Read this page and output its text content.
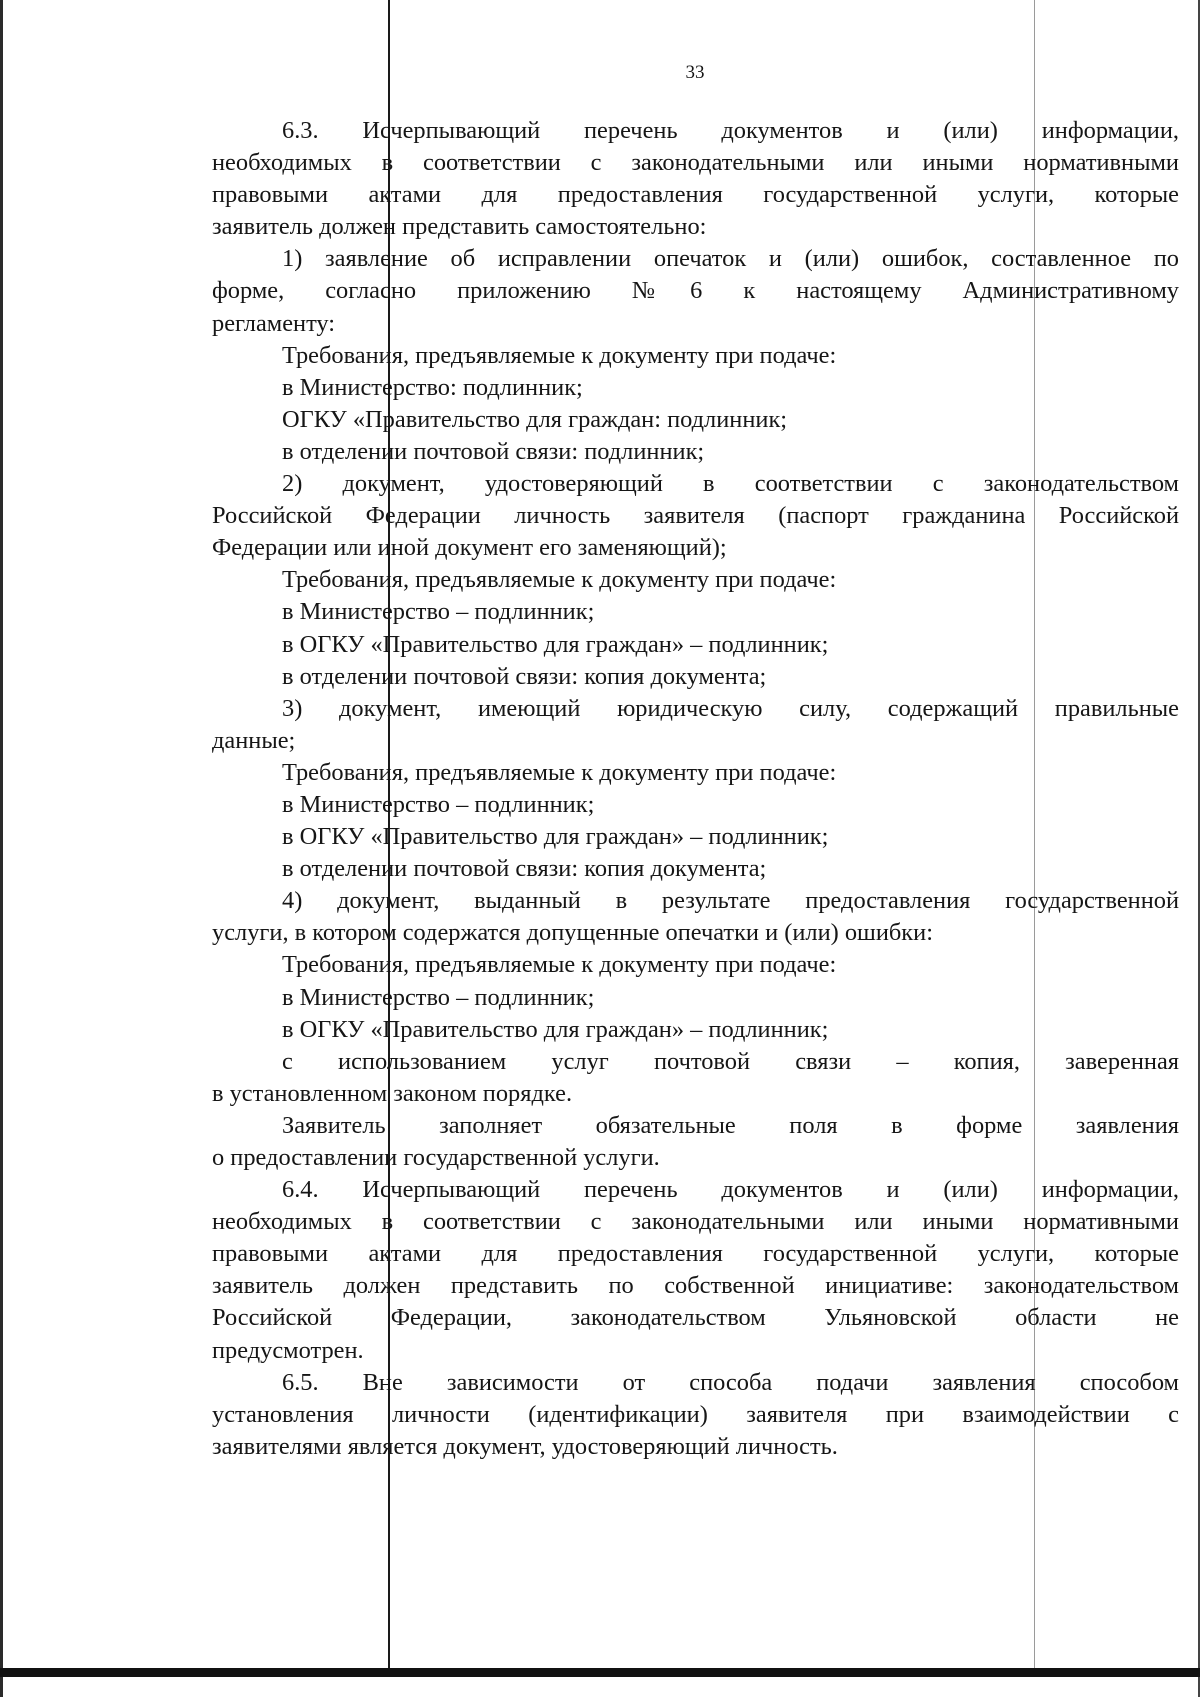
33

6.3. Исчерпывающий перечень документов и (или) информации,

необходимых в соответствии с законодательными или иными нормативными

правовыми актами для предоставления государственной услуги, которые

заявитель должен представить самостоятельно:

1) заявление об исправлении опечаток и (или) ошибок, составленное по

форме, согласно приложению №6 к настоящему Административному

регламенту:

Требования, предъявляемые к документу при подаче:

в Министерство: подлинник;

ОГКУ «Правительство для граждан: подлинник;

в отделении почтовой связи: подлинник;

2) документ, удостоверяющий в соответствии с законодательством

Российской Федерации личность заявителя (паспорт гражданина Российской

Федерации или иной документ его заменяющий);

Требования, предъявляемые к документу при подаче:

в Министерство – подлинник;

в ОГКУ «Правительство для граждан» – подлинник;

в отделении почтовой связи: копия документа;

3) документ, имеющий юридическую силу, содержащий правильные

данные;

Требования, предъявляемые к документу при подаче:

в Министерство – подлинник;

в ОГКУ «Правительство для граждан» – подлинник;

в отделении почтовой связи: копия документа;

4) документ, выданный в результате предоставления государственной

услуги, в котором содержатся допущенные опечатки и (или) ошибки:

Требования, предъявляемые к документу при подаче:

в Министерство – подлинник;

в ОГКУ «Правительство для граждан» – подлинник;

с использованием услуг почтовой связи – копия, заверенная

в установленном законом порядке.

Заявитель заполняет обязательные поля в форме заявления

о предоставлении государственной услуги.

6.4. Исчерпывающий перечень документов и (или) информации,

необходимых в соответствии с законодательными или иными нормативными

правовыми актами для предоставления государственной услуги, которые

заявитель должен представить по собственной инициативе: законодательством

Российской Федерации, законодательством Ульяновской области не

предусмотрен.

6.5. Вне зависимости от способа подачи заявления способом

установления личности (идентификации) заявителя при взаимодействии с

заявителями является документ, удостоверяющий личность.
